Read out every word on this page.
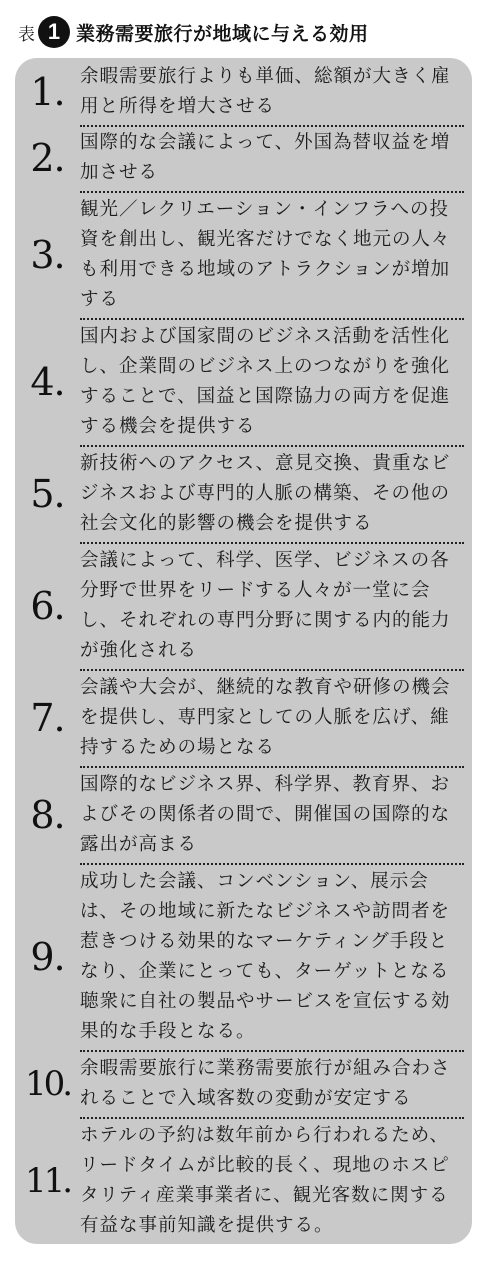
表 1 業務需要旅行が地域に与える効用
1. 余暇需要旅行よりも単価、総額が大きく雇用と所得を増大させる
2. 国際的な会議によって、外国為替収益を増加させる
3.
観光／レクリエーション・インフラへの投資を創出し、観光客だけでなく地元の人々も利用できる地域のアトラクションが増加する
4.
国内および国家間のビジネス活動を活性化し、企業間のビジネス上のつながりを強化することで、国益と国際協力の両方を促進する機会を提供する
5.
新技術へのアクセス、意見交換、貴重なビジネスおよび専門的人脈の構築、その他の社会文化的影響の機会を提供する
6.
会議によって、科学、医学、ビジネスの各分野で世界をリードする人々が一堂に会し、それぞれの専門分野に関する内的能力が強化される
7.
会議や大会が、継続的な教育や研修の機会を提供し、専門家としての人脈を広げ、維持するための場となる
8.
国際的なビジネス界、科学界、教育界、およびその関係者の間で、開催国の国際的な露出が高まる
9.
成功した会議、コンベンション、展示会は、その地域に新たなビジネスや訪問者を惹きつける効果的なマーケティング手段となり、企業にとっても、ターゲットとなる聴衆に自社の製品やサービスを宣伝する効果的な手段となる。
10. 余暇需要旅行に業務需要旅行が組み合わされることで入域客数の変動が安定する
11.
ホテルの予約は数年前から行われるため、リードタイムが比較的長く、現地のホスピタリティ産業事業者に、観光客数に関する有益な事前知識を提供する。
